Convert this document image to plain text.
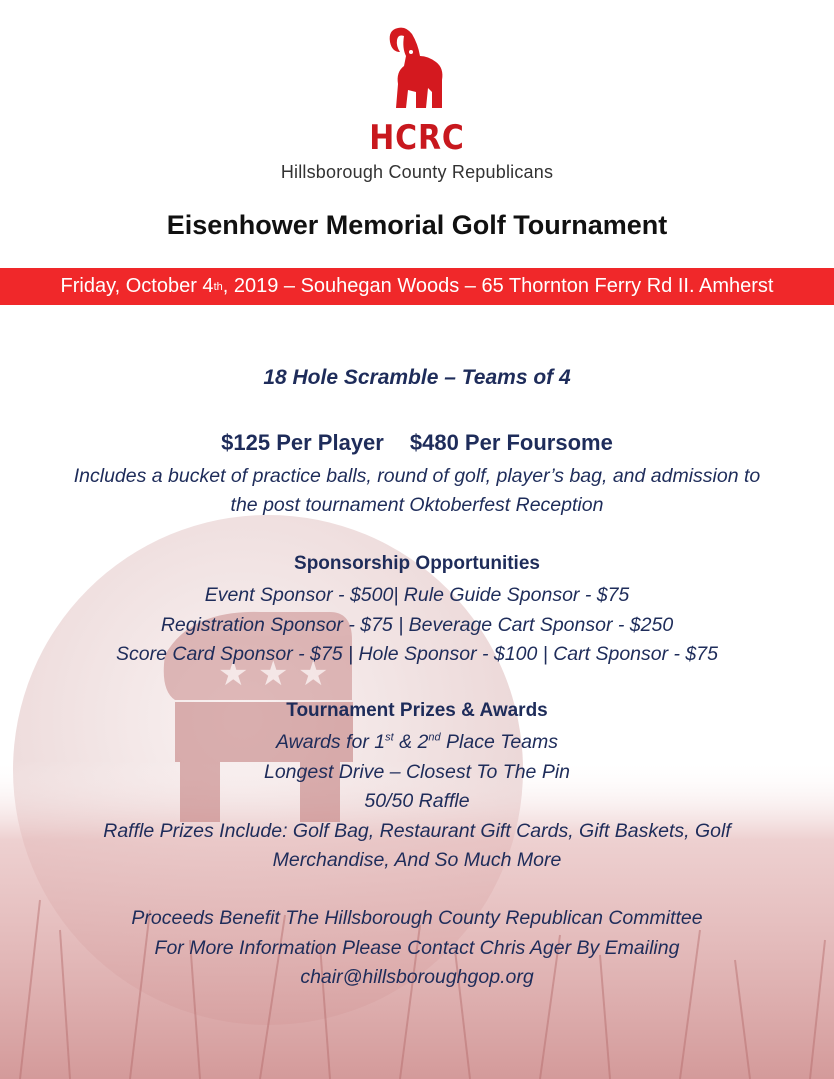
★ ★ ★
HCRC
Hillsborough County Republicans
Eisenhower Memorial Golf Tournament
Friday, October 4 th , 2019 – Souhegan Woods – 65 Thornton Ferry Rd II. Amherst
18 Hole Scramble – Teams of 4
$125 Per Player $480 Per Foursome
Includes a bucket of practice balls, round of golf, player’s bag, and admission to
the post tournament Oktoberfest Reception
Sponsorship Opportunities
Event Sponsor - $500| Rule Guide Sponsor - $75
Registration Sponsor - $75 | Beverage Cart Sponsor - $250
Score Card Sponsor - $75 | Hole Sponsor - $100 | Cart Sponsor - $75
Tournament Prizes & Awards
Awards for 1st & 2nd Place Teams
Longest Drive – Closest To The Pin
50/50 Raffle
Raffle Prizes Include: Golf Bag, Restaurant Gift Cards, Gift Baskets, Golf
Merchandise, And So Much More
Proceeds Benefit The Hillsborough County Republican Committee
For More Information Please Contact Chris Ager By Emailing
chair@hillsboroughgop.org
